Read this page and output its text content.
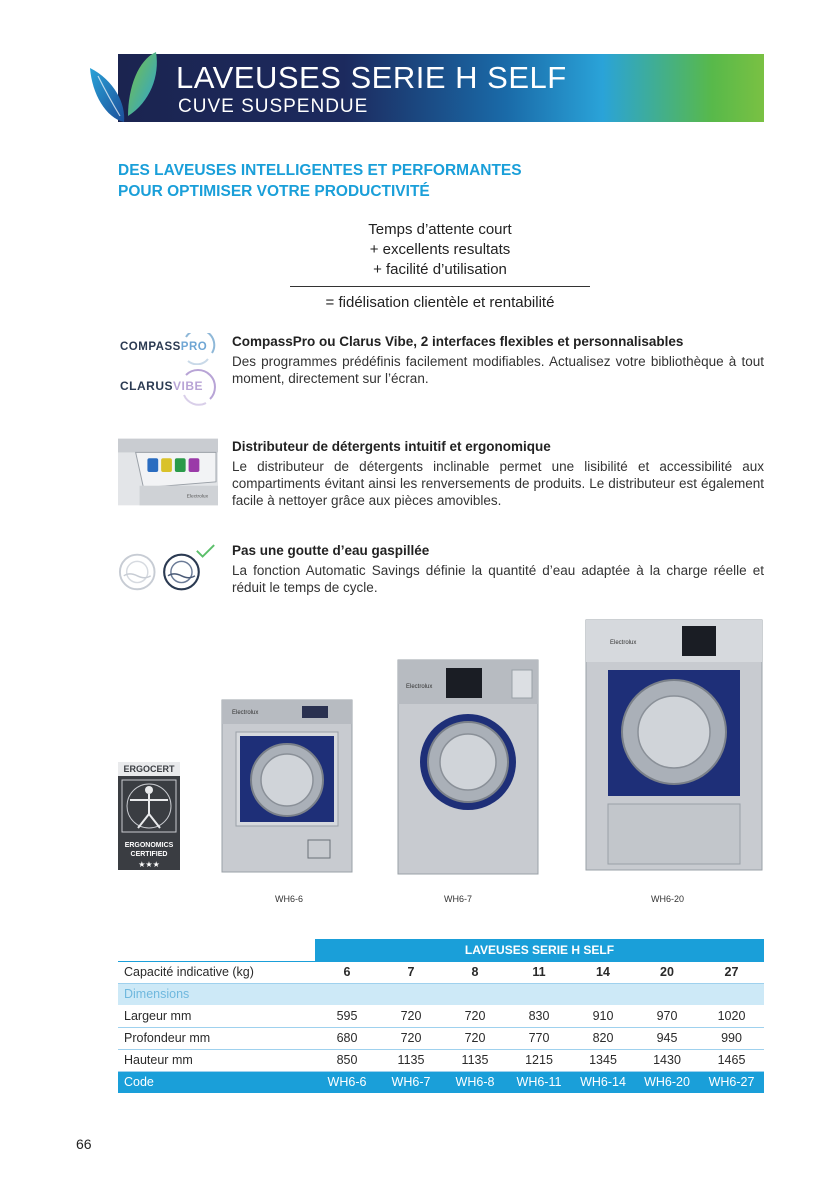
LAVEUSES SERIE H SELF
CUVE SUSPENDUE
DES LAVEUSES INTELLIGENTES ET PERFORMANTES
POUR OPTIMISER VOTRE PRODUCTIVITÉ
Temps d’attente court
+ excellents resultats
+ facilité d’utilisation
= fidélisation clientèle et rentabilité
COMPASSPRO
CLARUSVIBE
CompassPro ou Clarus Vibe, 2 interfaces flexibles et personnalisables
Des programmes prédéfinis facilement modifiables. Actualisez votre bibliothèque à tout moment, directement sur l’écran.
Electrolux
Distributeur de détergents intuitif et ergonomique
Le distributeur de détergents inclinable permet une lisibilité et accessibilité aux compartiments évitant ainsi les renversements de produits. Le distributeur est également facile à nettoyer grâce aux pièces amovibles.
Pas une goutte d’eau gaspillée
La fonction Automatic Savings définie la quantité d’eau adaptée à la charge réelle et réduit le temps de cycle.
ERGOCERT
ERGONOMICS
CERTIFIED
★★★
Electrolux
WH6-6
Electrolux
WH6-7
Electrolux
WH6-20
	LAVEUSES SERIE H SELF						
Capacité indicative (kg)	6	7	8	11	14	20	27
Dimensions							
Largeur mm	595	720	720	830	910	970	1020
Profondeur mm	680	720	720	770	820	945	990
Hauteur mm	850	1135	1135	1215	1345	1430	1465
Code	WH6-6	WH6-7	WH6-8	WH6-11	WH6-14	WH6-20	WH6-27
66
